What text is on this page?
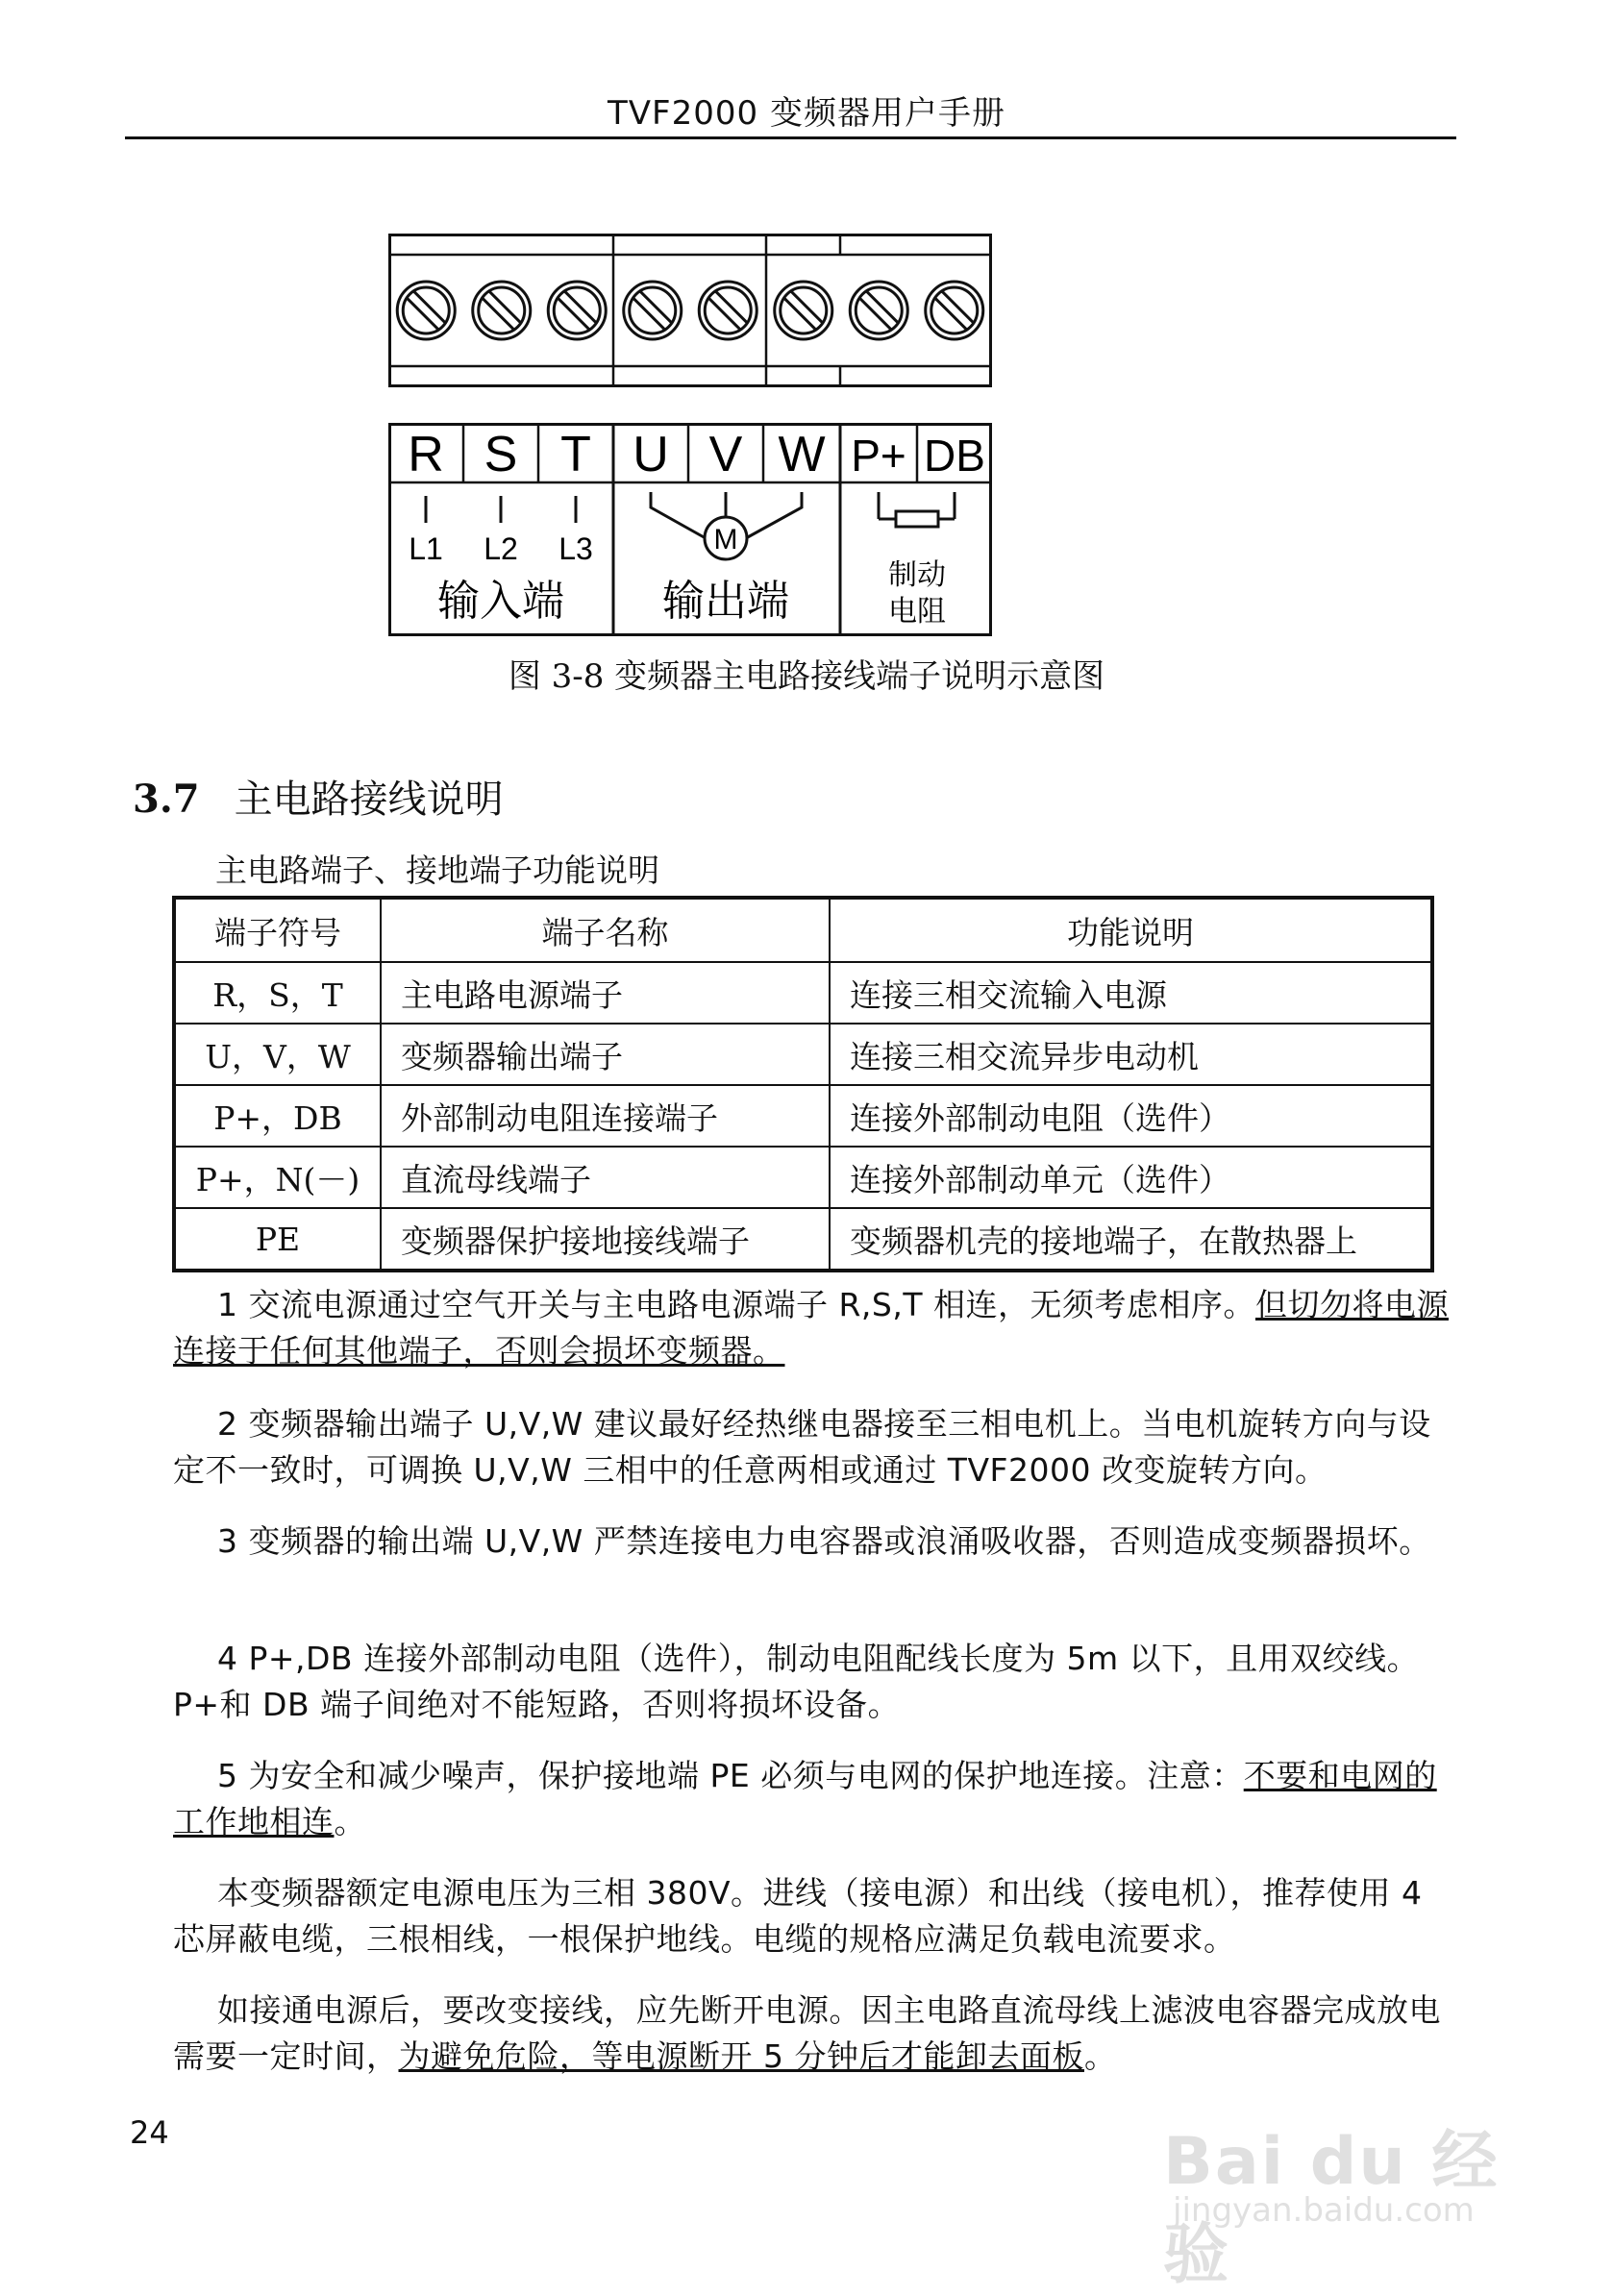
TVF2000 变频器用户手册
R S T U V W P+ DB
L1 L2 L3
输入端
M
输出端
制动
电阻
图 3-8 变频器主电路接线端子说明示意图
3.7 主电路接线说明
主电路端子、接地端子功能说明
端子符号	端子名称	功能说明
R，S，T	主电路电源端子	连接三相交流输入电源
U，V，W	变频器输出端子	连接三相交流异步电动机
P+，DB	外部制动电阻连接端子	连接外部制动电阻（选件）
P+，N(－)	直流母线端子	连接外部制动单元（选件）
PE	变频器保护接地接线端子	变频器机壳的接地端子，在散热器上
1 交流电源通过空气开关与主电路电源端子 R,S,T 相连，无须考虑相序。但切勿将电源连接于任何其他端子，否则会损坏变频器。
2 变频器输出端子 U,V,W 建议最好经热继电器接至三相电机上。当电机旋转方向与设定不一致时，可调换 U,V,W 三相中的任意两相或通过 TVF2000 改变旋转方向。
3 变频器的输出端 U,V,W 严禁连接电力电容器或浪涌吸收器，否则造成变频器损坏。
4 P+,DB 连接外部制动电阻（选件），制动电阻配线长度为 5m 以下，且用双绞线。P+和 DB 端子间绝对不能短路，否则将损坏设备。
5 为安全和减少噪声，保护接地端 PE 必须与电网的保护地连接。注意：不要和电网的工作地相连。
本变频器额定电源电压为三相 380V。进线（接电源）和出线（接电机），推荐使用 4 芯屏蔽电缆，三根相线，一根保护地线。电缆的规格应满足负载电流要求。
如接通电源后，要改变接线，应先断开电源。因主电路直流母线上滤波电容器完成放电需要一定时间，为避免危险，等电源断开 5 分钟后才能卸去面板。
24	Bai du 经验
jingyan.baidu.com
